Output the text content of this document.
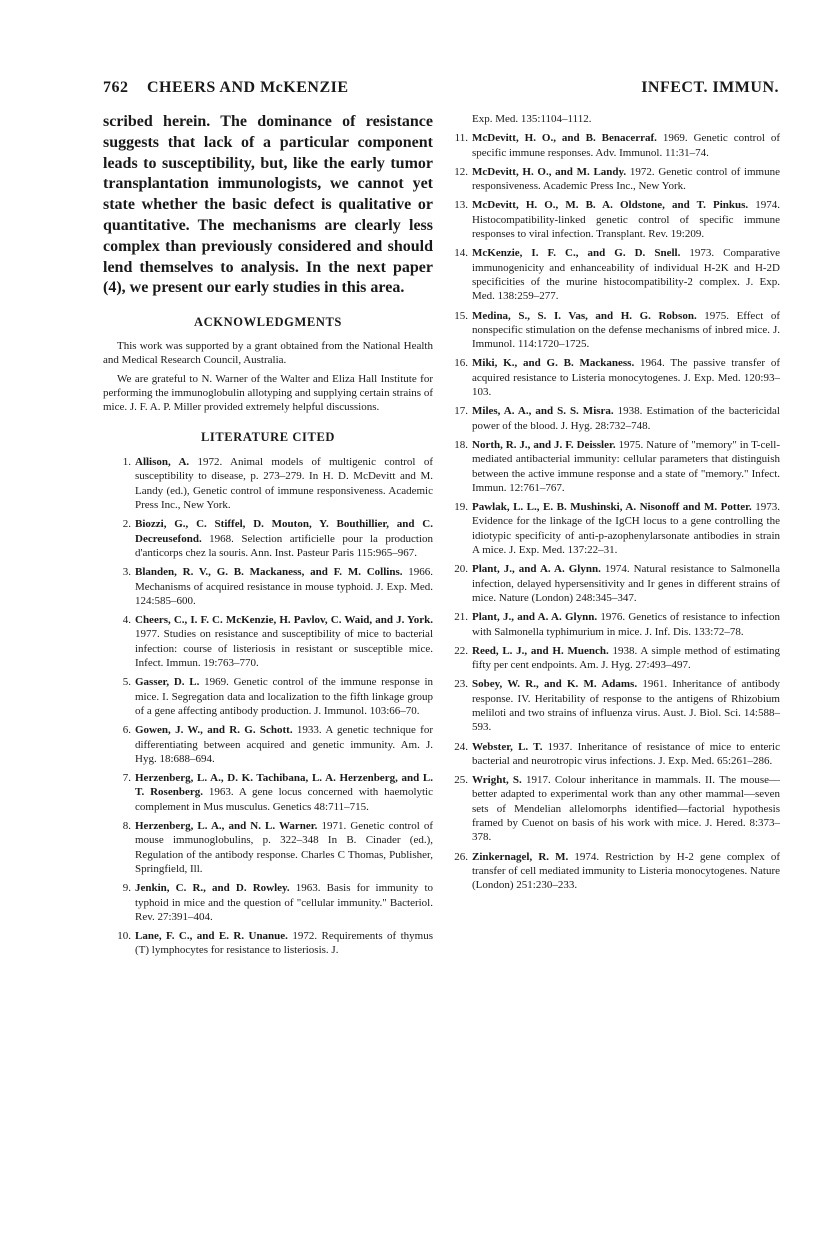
762 CHEERS AND McKENZIE	INFECT. IMMUN.

scribed herein. The dominance of resistance suggests that lack of a particular component leads to susceptibility, but, like the early tumor transplantation immunologists, we cannot yet state whether the basic defect is qualitative or quantitative. The mechanisms are clearly less complex than previously considered and should lend themselves to analysis. In the next paper (4), we present our early studies in this area.

ACKNOWLEDGMENTS

This work was supported by a grant obtained from the National Health and Medical Research Council, Australia.

We are grateful to N. Warner of the Walter and Eliza Hall Institute for performing the immunoglobulin allotyping and supplying certain strains of mice. J. F. A. P. Miller provided extremely helpful discussions.

LITERATURE CITED

1. Allison, A. 1972. Animal models of multigenic control of susceptibility to disease, p. 273–279. In H. D. McDevitt and M. Landy (ed.), Genetic control of immune responsiveness. Academic Press Inc., New York.
2. Biozzi, G., C. Stiffel, D. Mouton, Y. Bouthillier, and C. Decreusefond. 1968. Selection artificielle pour la production d'anticorps chez la souris. Ann. Inst. Pasteur Paris 115:965–967.
3. Blanden, R. V., G. B. Mackaness, and F. M. Collins. 1966. Mechanisms of acquired resistance in mouse typhoid. J. Exp. Med. 124:585–600.
4. Cheers, C., I. F. C. McKenzie, H. Pavlov, C. Waid, and J. York. 1977. Studies on resistance and susceptibility of mice to bacterial infection: course of listeriosis in resistant or susceptible mice. Infect. Immun. 19:763–770.
5. Gasser, D. L. 1969. Genetic control of the immune response in mice. I. Segregation data and localization to the fifth linkage group of a gene affecting antibody production. J. Immunol. 103:66–70.
6. Gowen, J. W., and R. G. Schott. 1933. A genetic technique for differentiating between acquired and genetic immunity. Am. J. Hyg. 18:688–694.
7. Herzenberg, L. A., D. K. Tachibana, L. A. Herzenberg, and L. T. Rosenberg. 1963. A gene locus concerned with haemolytic complement in Mus musculus. Genetics 48:711–715.
8. Herzenberg, L. A., and N. L. Warner. 1971. Genetic control of mouse immunoglobulins, p. 322–348 In B. Cinader (ed.), Regulation of the antibody response. Charles C Thomas, Publisher, Springfield, Ill.
9. Jenkin, C. R., and D. Rowley. 1963. Basis for immunity to typhoid in mice and the question of "cellular immunity." Bacteriol. Rev. 27:391–404.
10. Lane, F. C., and E. R. Unanue. 1972. Requirements of thymus (T) lymphocytes for resistance to listeriosis. J.

Exp. Med. 135:1104–1112.

11. McDevitt, H. O., and B. Benacerraf. 1969. Genetic control of specific immune responses. Adv. Immunol. 11:31–74.
12. McDevitt, H. O., and M. Landy. 1972. Genetic control of immune responsiveness. Academic Press Inc., New York.
13. McDevitt, H. O., M. B. A. Oldstone, and T. Pinkus. 1974. Histocompatibility-linked genetic control of specific immune responses to viral infection. Transplant. Rev. 19:209.
14. McKenzie, I. F. C., and G. D. Snell. 1973. Comparative immunogenicity and enhanceability of individual H-2K and H-2D specificities of the murine histocompatibility-2 complex. J. Exp. Med. 138:259–277.
15. Medina, S., S. I. Vas, and H. G. Robson. 1975. Effect of nonspecific stimulation on the defense mechanisms of inbred mice. J. Immunol. 114:1720–1725.
16. Miki, K., and G. B. Mackaness. 1964. The passive transfer of acquired resistance to Listeria monocytogenes. J. Exp. Med. 120:93–103.
17. Miles, A. A., and S. S. Misra. 1938. Estimation of the bactericidal power of the blood. J. Hyg. 28:732–748.
18. North, R. J., and J. F. Deissler. 1975. Nature of "memory" in T-cell-mediated antibacterial immunity: cellular parameters that distinguish between the active immune response and a state of "memory." Infect. Immun. 12:761–767.
19. Pawlak, L. L., E. B. Mushinski, A. Nisonoff and M. Potter. 1973. Evidence for the linkage of the IgCH locus to a gene controlling the idiotypic specificity of anti-p-azophenylarsonate antibodies in strain A mice. J. Exp. Med. 137:22–31.
20. Plant, J., and A. A. Glynn. 1974. Natural resistance to Salmonella infection, delayed hypersensitivity and Ir genes in different strains of mice. Nature (London) 248:345–347.
21. Plant, J., and A. A. Glynn. 1976. Genetics of resistance to infection with Salmonella typhimurium in mice. J. Inf. Dis. 133:72–78.
22. Reed, L. J., and H. Muench. 1938. A simple method of estimating fifty per cent endpoints. Am. J. Hyg. 27:493–497.
23. Sobey, W. R., and K. M. Adams. 1961. Inheritance of antibody response. IV. Heritability of response to the antigens of Rhizobium meliloti and two strains of influenza virus. Aust. J. Biol. Sci. 14:588–593.
24. Webster, L. T. 1937. Inheritance of resistance of mice to enteric bacterial and neurotropic virus infections. J. Exp. Med. 65:261–286.
25. Wright, S. 1917. Colour inheritance in mammals. II. The mouse—better adapted to experimental work than any other mammal—seven sets of Mendelian allelomorphs identified—factorial hypothesis framed by Cuenot on basis of his work with mice. J. Hered. 8:373–378.
26. Zinkernagel, R. M. 1974. Restriction by H-2 gene complex of transfer of cell mediated immunity to Listeria monocytogenes. Nature (London) 251:230–233.
